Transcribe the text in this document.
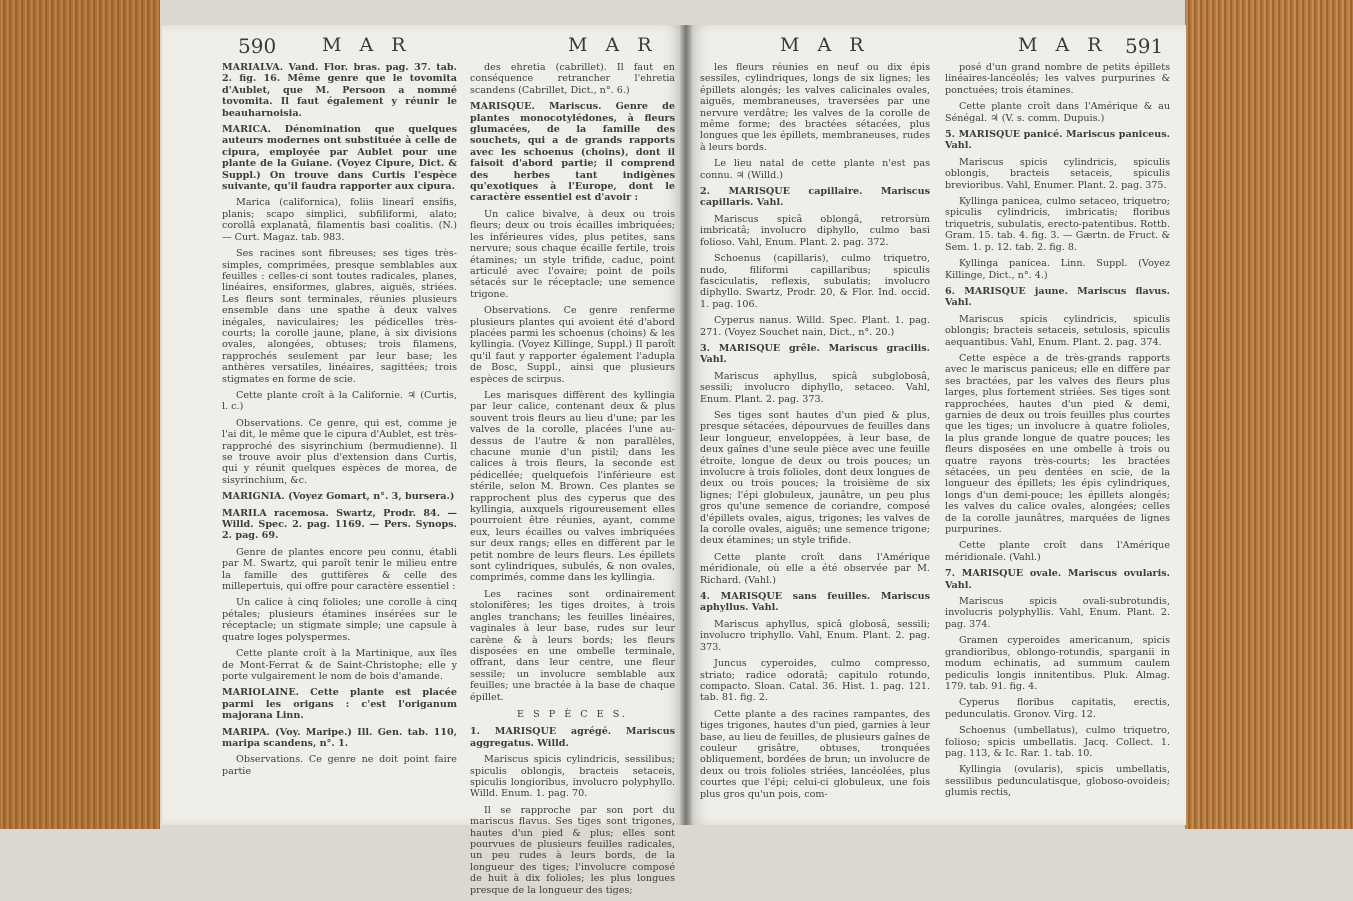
590 M A R	M A R	M A R	M A R 591

MARIALVA. Vand. Flor. bras. pag. 37. tab. 2. fig. 16. Même genre que le tovomita d'Aublet, que M. Persoon a nommé tovomita. Il faut également y réunir le beauharnoisia.

MARICA. Dénomination que quelques auteurs modernes ont substituée à celle de cipura, employée par Aublet pour une plante de la Guiane. (Voyez Cipure, Dict. & Suppl.) On trouve dans Curtis l'espèce suivante, qu'il faudra rapporter aux cipura.

Marica (californica), foliis linearî ensîfis, planis; scapo simplici, subfiliformi, alato; corollâ explanatâ, filamentis basi coalitis. (N.) — Curt. Magaz. tab. 983.

Ses racines sont fibreuses; ses tiges très-simples, comprimées, presque semblables aux feuilles : celles-ci sont toutes radicales, planes, linéaires, ensiformes, glabres, aiguës, striées. Les fleurs sont terminales, réunies plusieurs ensemble dans une spathe à deux valves inégales, naviculaires; les pédicelles très-courts; la corolle jaune, plane, à six divisions ovales, alongées, obtuses; trois filamens, rapprochés seulement par leur base; les anthères versatiles, linéaires, sagittées; trois stigmates en forme de scie.

Cette plante croît à la Californie. ♃ (Curtis, l. c.)

Observations. Ce genre, qui est, comme je l'ai dit, le même que le cipura d'Aublet, est très-rapproché des sisyrinchium (bermudienne). Il se trouve avoir plus d'extension dans Curtis, qui y réunit quelques espèces de morea, de sisyrinchium, &c.

MARIGNIA. (Voyez Gomart, n°. 3, bursera.)

MARILA racemosa. Swartz, Prodr. 84. — Willd. Spec. 2. pag. 1169. — Pers. Synops. 2. pag. 69.

Genre de plantes encore peu connu, établi par M. Swartz, qui paroît tenir le milieu entre la famille des guttifères & celle des millepertuis, qui offre pour caractère essentiel :

Un calice à cinq folioles; une corolle à cinq pétales; plusieurs étamines insérées sur le réceptacle; un stigmate simple; une capsule à quatre loges polyspermes.

Cette plante croît à la Martinique, aux îles de Mont-Ferrat & de Saint-Christophe; elle y porte vulgairement le nom de bois d'amande.

MARIOLAINE. Cette plante est placée parmi les origans : c'est l'origanum majorana Linn.

MARIPA. (Voy. Maripe.) Ill. Gen. tab. 110, maripa scandens, n°. 1.

Observations. Ce genre ne doit point faire partie

des ehretia (cabrillet). Il faut en conséquence retrancher l'ehretia scandens (Cabrillet, Dict., n°. 6.)

MARISQUE. Mariscus. Genre de plantes monocotylédones, à fleurs glumacées, de la famille des souchets, qui a de grands rapports avec les schoenus (choins), dont il faisoit d'abord partie; il comprend des herbes tant indigènes qu'exotiques à l'Europe, dont le caractère essentiel est d'avoir :

Un calice bivalve, à deux ou trois fleurs; deux ou trois écailles imbriquées; les inférieures vides, plus petites, sans nervure; sous chaque écaille fertile, trois étamines; un style trifide, caduc, point articulé avec l'ovaire; point de poils sétacés sur le réceptacle; une semence trigone.

Observations. Ce genre renferme plusieurs plantes qui avoient été d'abord placées parmi les schoenus (choins) & les kyllingia. (Voyez Killinge, Suppl.) Il paroît qu'il faut y rapporter également l'adupla de Bosc, Suppl., ainsi que plusieurs espèces de scirpus.

Les marisques diffèrent des kyllingia par leur calice, contenant deux & plus souvent trois fleurs au lieu d'une; par les valves de la corolle, placées l'une au-dessus de l'autre & non parallèles, chacune munie d'un pistil; dans les calices à trois fleurs, la seconde est pédicellée; quelquefois l'inférieure est stérile, selon M. Brown. Ces plantes se rapprochent plus des cyperus que des kyllingia, auxquels rigoureusement elles pourroient être réunies, ayant, comme eux, leurs écailles ou valves imbriquées sur deux rangs; elles en diffèrent par le petit nombre de leurs fleurs. Les épillets sont cylindriques, subulés, & non ovales, comprimés, comme dans les kyllingia.

Les racines sont ordinairement stolonifères; les tiges droites, à trois angles tranchans; les feuilles linéaires, vaginales à leur base, rudes sur leur carène & à leurs bords; les fleurs disposées en une ombelle terminale, offrant, dans leur centre, une fleur sessile; un involucre semblable aux feuilles; une bractée à la base de chaque épillet.

E S P È C E S.

1. MARISQUE agrégé. Mariscus aggregatus. Willd.

Mariscus spicis cylindricis, sessilibus; spiculis oblongis, bracteis setaceis, spiculis longioribus, involucro polyphyllo. Willd. Enum. 1. pag. 70.

Il se rapproche par son port du mariscus flavus. Ses tiges sont trigones, hautes d'un pied & plus; elles sont pourvues de plusieurs feuilles radicales, un peu rudes à leurs bords, de la longueur des tiges; l'involucre composé de huit à dix folioles; les plus longues presque de la longueur des tiges;

les fleurs réunies en neuf ou dix épis sessiles, cylindriques, longs de six lignes; les épillets alongés; les valves calicinales ovales, aiguës, membraneuses, traversées par une nervure verdâtre; les valves de la corolle de même forme; des bractées sétacées, plus longues que les épillets, membraneuses, rudes à leurs bords.

Le lieu natal de cette plante n'est pas connu. ♃ (Willd.)

2. MARISQUE capillaire. Mariscus capillaris. Vahl.

Mariscus spicâ oblongâ, retrorsùm imbricatâ; involucro diphyllo, culmo basi folioso. Vahl, Enum. Plant. 2. pag. 372.

Schoenus (capillaris), culmo triquetro, nudo, filiformi capillaribus; spiculis fasciculatis, reflexis, subulatis; involucro diphyllo. Swartz, Prodr. 20, & Flor. Ind. occid. 1. pag. 106.

Cyperus nanus. Willd. Spec. Plant. 1. pag. 271. (Voyez Souchet nain, Dict., n°. 20.)

3. MARISQUE grêle. Mariscus gracilis. Vahl.

Mariscus aphyllus, spicâ subglobosâ, sessili; involucro diphyllo, setaceo. Vahl, Enum. Plant. 2. pag. 373.

Ses tiges sont hautes d'un pied & plus, presque sétacées, dépourvues de feuilles dans leur longueur, enveloppées, à leur base, de deux gaînes d'une seule pièce avec une feuille étroite, longue de deux ou trois pouces; un involucre à trois folioles, dont deux longues de deux ou trois pouces; la troisième de six lignes; l'épi globuleux, jaunâtre, un peu plus gros qu'une semence de coriandre, composé d'épillets ovales, aigus, trigones; les valves de la corolle ovales, aiguës; une semence trigone; deux étamines; un style trifide.

Cette plante croît dans l'Amérique méridionale, où elle a été observée par M. Richard. (Vahl.)

4. MARISQUE sans feuilles. Mariscus aphyllus. Vahl.

Mariscus aphyllus, spicâ globosâ, sessili; involucro triphyllo. Vahl, Enum. Plant. 2. pag. 373.

Juncus cyperoides, culmo compresso, striato; radice odoratâ; capitulo rotundo, compacto. Sloan. Catal. 36. Hist. 1. pag. 121. tab. 81. fig. 2.

Cette plante a des racines rampantes, des tiges trigones, hautes d'un pied, garnies à leur base, au lieu de feuilles, de plusieurs gaînes de couleur grisâtre, obtuses, tronquées obliquement, bordées de brun; un involucre de deux ou trois folioles striées, lancéolées, plus courtes que l'épi; celui-ci globuleux, une fois plus gros qu'un pois, com-

posé d'un grand nombre de petits épillets linéaires-lancéolés; les valves purpurines & ponctuées; trois étamines.

Cette plante croît dans l'Amérique & au Sénégal. ♃ (V. s. comm. Dupuis.)

5. MARISQUE panicé. Mariscus paniceus. Vahl.

Mariscus spicis cylindricis, spiculis oblongis, bracteis setaceis, spiculis brevioribus. Vahl, Enumer. Plant. 2. pag. 375.

Kyllinga panicea, culmo setaceo, triquetro; spiculis cylindricis, imbricatis; floribus triquetris, subulatis, erecto-patentibus. Rottb. Gram. 15. tab. 4. fig. 3. — Gærtn. de Fruct. & Sem. 1. p. 12. tab. 2. fig. 8.

Kyllinga panicea. Linn. Suppl. (Voyez Killinge, Dict., n°. 4.)

6. MARISQUE jaune. Mariscus flavus. Vahl.

Mariscus spicis cylindricis, spiculis oblongis; bracteis setaceis, setulosis, spiculis aequantibus. Vahl, Enum. Plant. 2. pag. 374.

Cette espèce a de très-grands rapports avec le mariscus paniceus; elle en diffère par ses bractées, par les valves des fleurs plus larges, plus fortement striées. Ses tiges sont rapprochées, hautes d'un pied & demi, garnies de deux ou trois feuilles plus courtes que les tiges; un involucre à quatre folioles, la plus grande longue de quatre pouces; les fleurs disposées en une ombelle à trois ou quatre rayons très-courts; les bractées sétacées, un peu dentées en scie, de la longueur des épillets; les épis cylindriques, longs d'un demi-pouce; les épillets alongés; les valves du calice ovales, alongées; celles de la corolle jaunâtres, marquées de lignes purpurines.

Cette plante croît dans l'Amérique méridionale. (Vahl.)

7. MARISQUE ovale. Mariscus ovularis. Vahl.

Mariscus spicis ovali-subrotundis, involucris polyphyllis. Vahl, Enum. Plant. 2. pag. 374.

Gramen cyperoides americanum, spicis grandioribus, oblongo-rotundis, sparganii in modum echinatis, ad summum caulem pediculis longis innitentibus. Pluk. Almag. 179. tab. 91. fig. 4.

Cyperus floribus capitatis, erectis, pedunculatis. Gronov. Virg. 12.

Schoenus (umbellatus), culmo triquetro, folioso; spicis umbellatis. Jacq. Collect. 1. pag. 113, & Ic. Rar. 1. tab. 10.

Kyllingia (ovularis), spicis umbellatis, sessilibus pedunculatisque, globoso-ovoideis; glumis rectis,
